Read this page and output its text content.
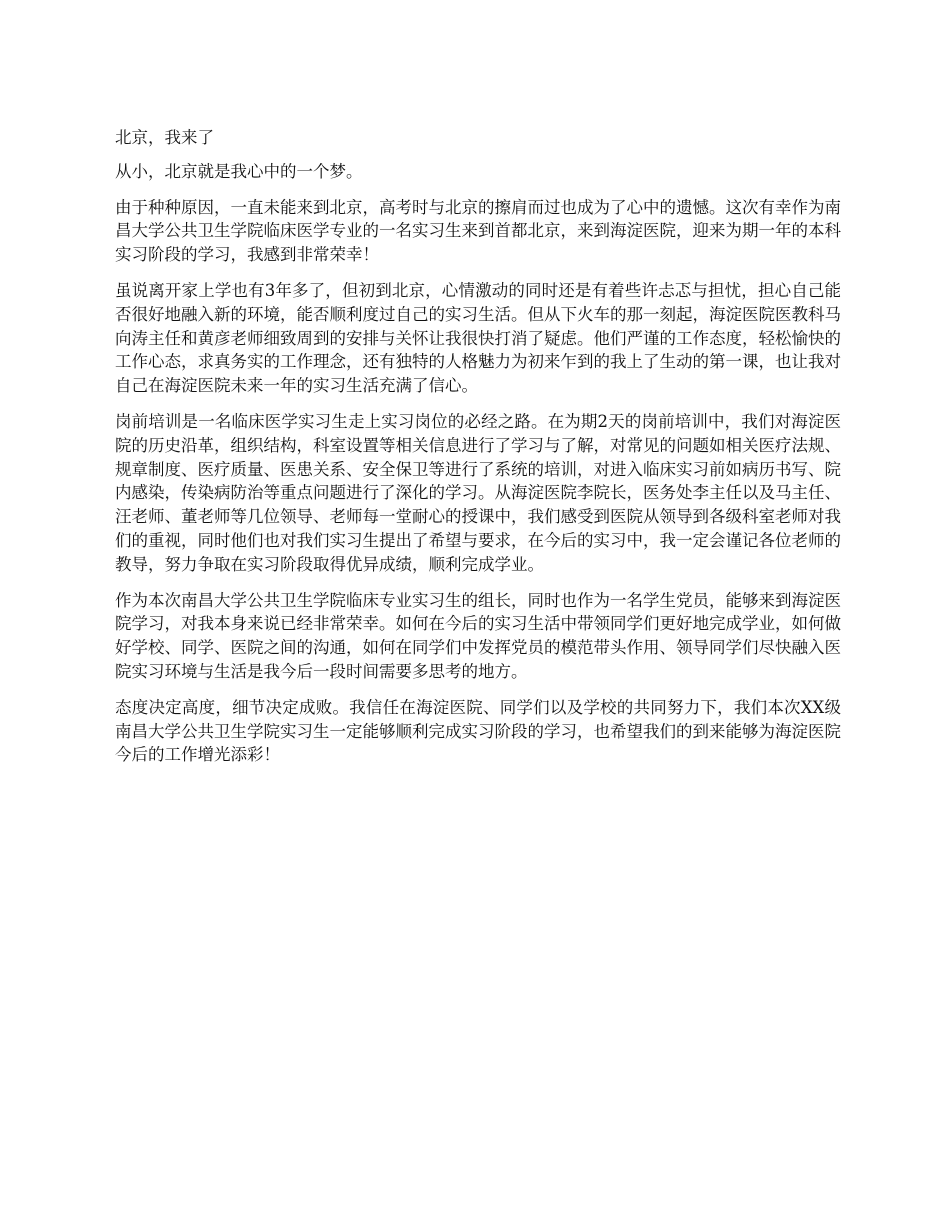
北京，我来了

从小，北京就是我心中的一个梦。

由于种种原因，一直未能来到北京，高考时与北京的擦肩而过也成为了心中的遗憾。这次有幸作为南昌大学公共卫生学院临床医学专业的一名实习生来到首都北京，来到海淀医院，迎来为期一年的本科实习阶段的学习，我感到非常荣幸！

虽说离开家上学也有3年多了，但初到北京，心情激动的同时还是有着些许忐忑与担忧，担心自己能否很好地融入新的环境，能否顺利度过自己的实习生活。但从下火车的那一刻起，海淀医院医教科马向涛主任和黄彦老师细致周到的安排与关怀让我很快打消了疑虑。他们严谨的工作态度，轻松愉快的工作心态，求真务实的工作理念，还有独特的人格魅力为初来乍到的我上了生动的第一课，也让我对自己在海淀医院未来一年的实习生活充满了信心。

岗前培训是一名临床医学实习生走上实习岗位的必经之路。在为期2天的岗前培训中，我们对海淀医院的历史沿革，组织结构，科室设置等相关信息进行了学习与了解，对常见的问题如相关医疗法规、规章制度、医疗质量、医患关系、安全保卫等进行了系统的培训，对进入临床实习前如病历书写、院内感染，传染病防治等重点问题进行了深化的学习。从海淀医院李院长，医务处李主任以及马主任、汪老师、董老师等几位领导、老师每一堂耐心的授课中，我们感受到医院从领导到各级科室老师对我们的重视，同时他们也对我们实习生提出了希望与要求，在今后的实习中，我一定会谨记各位老师的教导，努力争取在实习阶段取得优异成绩，顺利完成学业。

作为本次南昌大学公共卫生学院临床专业实习生的组长，同时也作为一名学生党员，能够来到海淀医院学习，对我本身来说已经非常荣幸。如何在今后的实习生活中带领同学们更好地完成学业，如何做好学校、同学、医院之间的沟通，如何在同学们中发挥党员的模范带头作用、领导同学们尽快融入医院实习环境与生活是我今后一段时间需要多思考的地方。

态度决定高度，细节决定成败。我信任在海淀医院、同学们以及学校的共同努力下，我们本次XX级南昌大学公共卫生学院实习生一定能够顺利完成实习阶段的学习，也希望我们的到来能够为海淀医院今后的工作增光添彩！
